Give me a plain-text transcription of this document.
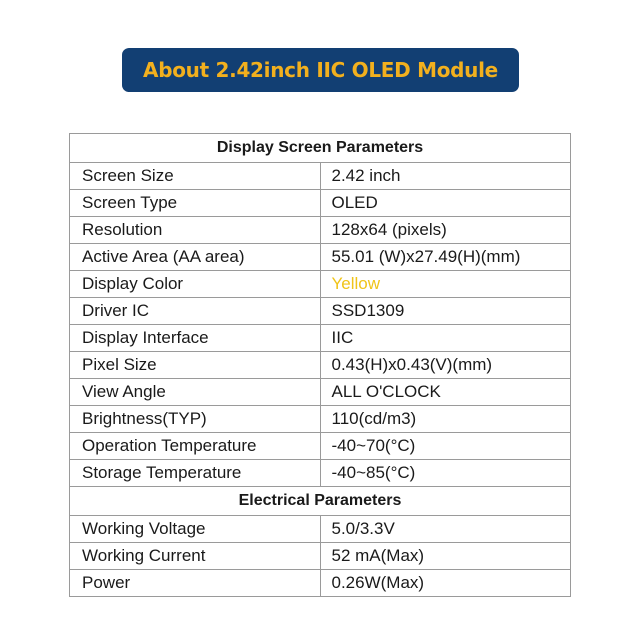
About 2.42inch IIC OLED Module
Display Screen Parameters	
Screen Size	2.42 inch
Screen Type	OLED
Resolution	128x64 (pixels)
Active Area (AA area)	55.01 (W)x27.49(H)(mm)
Display Color	Yellow
Driver IC	SSD1309
Display Interface	IIC
Pixel Size	0.43(H)x0.43(V)(mm)
View Angle	ALL O'CLOCK
Brightness(TYP)	110(cd/m3)
Operation Temperature	-40~70(°C)
Storage Temperature	-40~85(°C)
Electrical Parameters	
Working Voltage	5.0/3.3V
Working Current	52 mA(Max)
Power	0.26W(Max)
